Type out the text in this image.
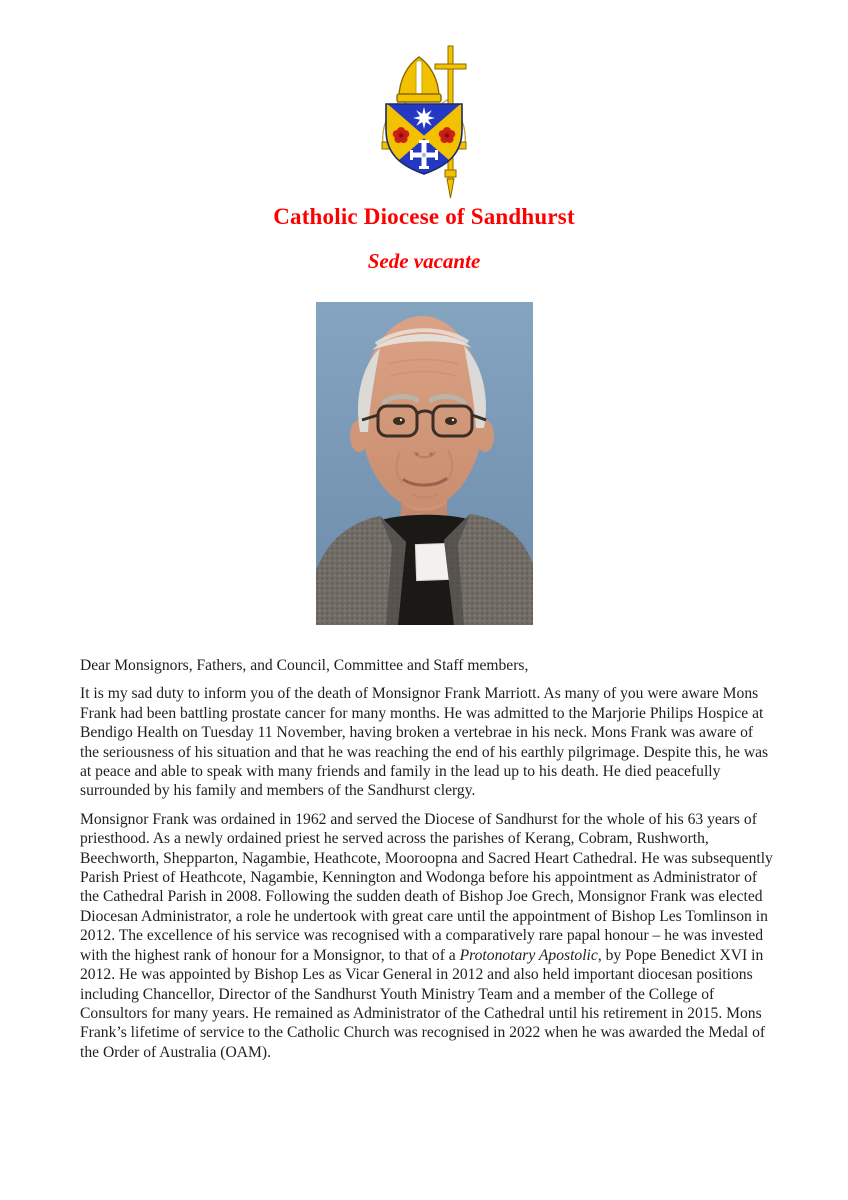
Catholic Diocese of Sandhurst
Sede vacante

Dear Monsignors, Fathers, and Council, Committee and Staff members,

It is my sad duty to inform you of the death of Monsignor Frank Marriott. As many of you were aware Mons Frank had been battling prostate cancer for many months. He was admitted to the Marjorie Philips Hospice at Bendigo Health on Tuesday 11 November, having broken a vertebrae in his neck. Mons Frank was aware of the seriousness of his situation and that he was reaching the end of his earthly pilgrimage. Despite this, he was at peace and able to speak with many friends and family in the lead up to his death. He died peacefully surrounded by his family and members of the Sandhurst clergy.

Monsignor Frank was ordained in 1962 and served the Diocese of Sandhurst for the whole of his 63 years of priesthood. As a newly ordained priest he served across the parishes of Kerang, Cobram, Rushworth, Beechworth, Shepparton, Nagambie, Heathcote, Mooroopna and Sacred Heart Cathedral. He was subsequently Parish Priest of Heathcote, Nagambie, Kennington and Wodonga before his appointment as Administrator of the Cathedral Parish in 2008. Following the sudden death of Bishop Joe Grech, Monsignor Frank was elected Diocesan Administrator, a role he undertook with great care until the appointment of Bishop Les Tomlinson in 2012. The excellence of his service was recognised with a comparatively rare papal honour – he was invested with the highest rank of honour for a Monsignor, to that of a Protonotary Apostolic, by Pope Benedict XVI in 2012. He was appointed by Bishop Les as Vicar General in 2012 and also held important diocesan positions including Chancellor, Director of the Sandhurst Youth Ministry Team and a member of the College of Consultors for many years. He remained as Administrator of the Cathedral until his retirement in 2015. Mons Frank’s lifetime of service to the Catholic Church was recognised in 2022 when he was awarded the Medal of the Order of Australia (OAM).
